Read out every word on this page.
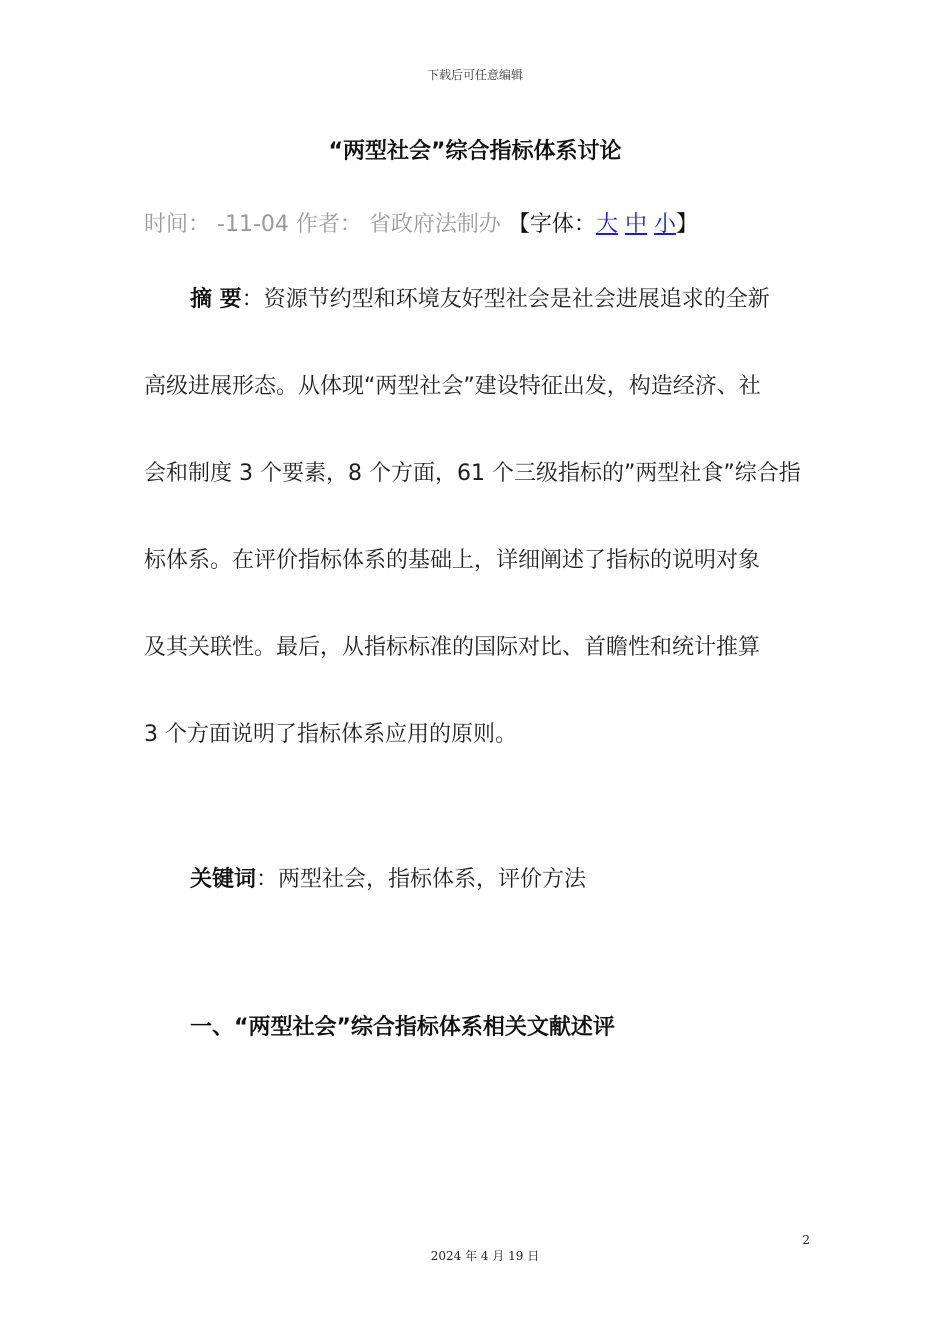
下载后可任意编辑
“两型社会”综合指标体系讨论
时间： -11-04 作者： 省政府法制办 【字体：大 中 小】
摘 要：资源节约型和环境友好型社会是社会进展追求的全新
高级进展形态。从体现“两型社会”建设特征出发，构造经济、社
会和制度 3 个要素，8 个方面，61 个三级指标的”两型社食”综合指
标体系。在评价指标体系的基础上，详细阐述了指标的说明对象
及其关联性。最后，从指标标准的国际对比、首瞻性和统计推算
3 个方面说明了指标体系应用的原则。
关键词：两型社会，指标体系，评价方法
一、“两型社会”综合指标体系相关文献述评
2
2024 年 4 月 19 日
